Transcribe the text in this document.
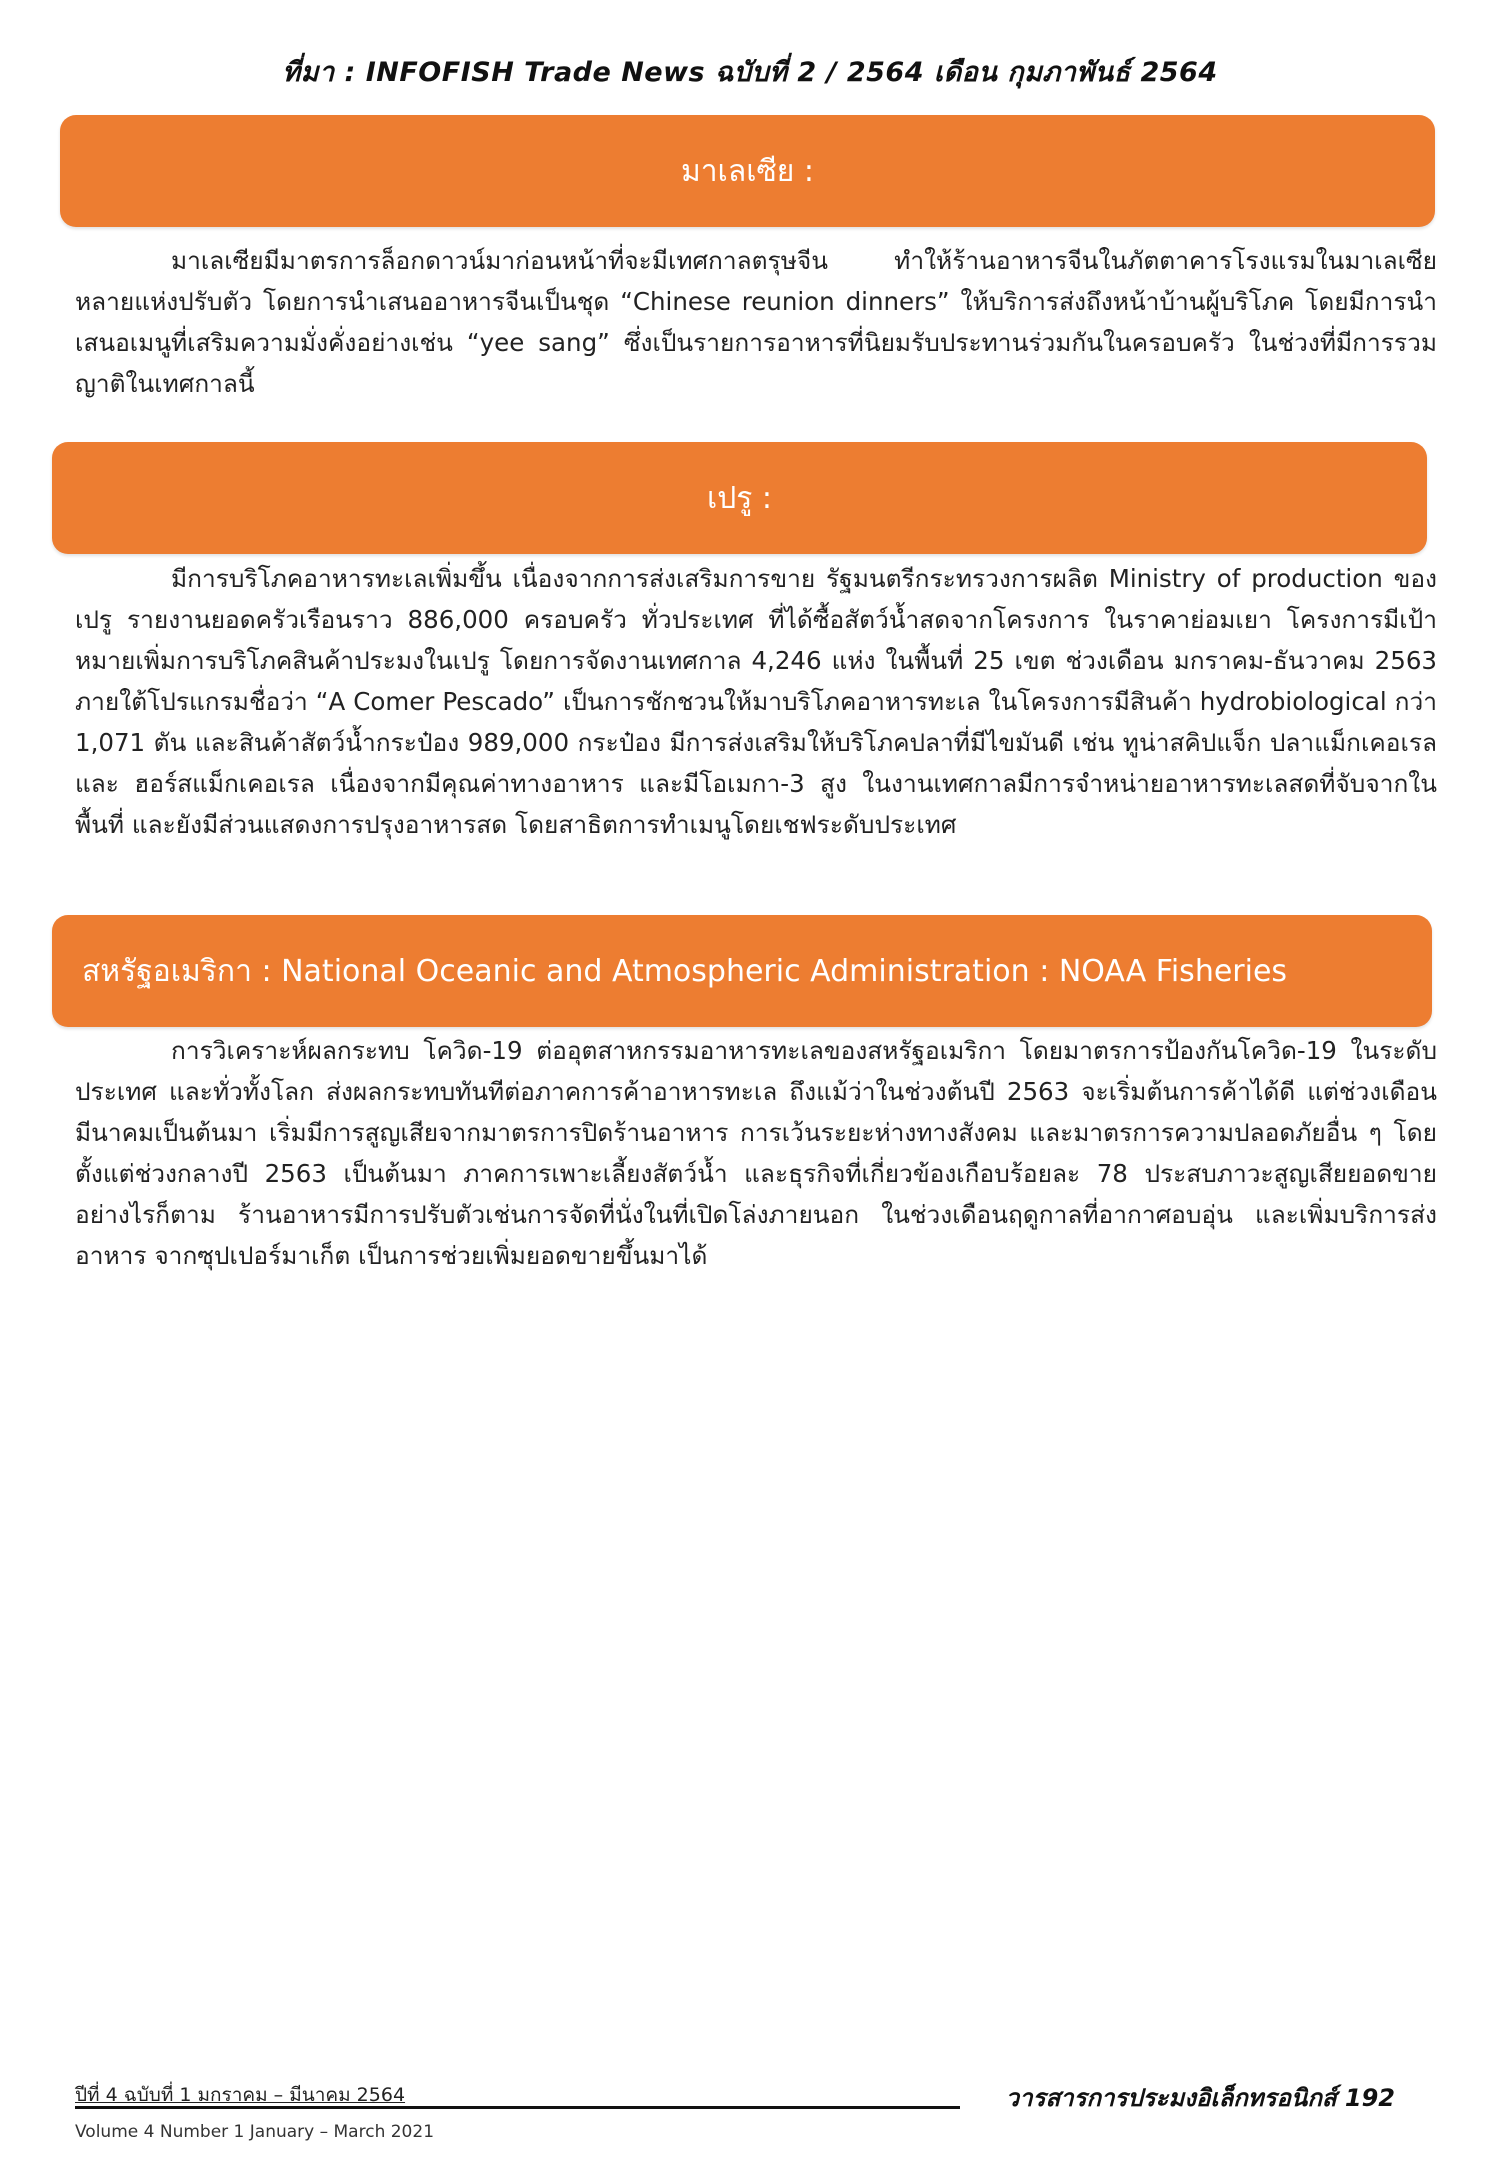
ที่มา : INFOFISH Trade News ฉบับที่ 2 / 2564 เดือน กุมภาพันธ์ 2564
มาเลเซีย :

มาเลเซียมีมาตรการล็อกดาวน์มาก่อนหน้าที่จะมีเทศกาลตรุษจีน ทำให้ร้านอาหารจีนในภัตตาคารโรงแรมในมาเลเซียหลายแห่งปรับตัว โดยการนำเสนออาหารจีนเป็นชุด “Chinese reunion dinners” ให้บริการส่งถึงหน้าบ้านผู้บริโภค โดยมีการนำเสนอเมนูที่เสริมความมั่งคั่งอย่างเช่น “yee sang” ซึ่งเป็นรายการอาหารที่นิยมรับประทานร่วมกันในครอบครัว ในช่วงที่มีการรวมญาติในเทศกาลนี้

เปรู :

มีการบริโภคอาหารทะเลเพิ่มขึ้น เนื่องจากการส่งเสริมการขาย รัฐมนตรีกระทรวงการผลิต Ministry of production ของเปรู รายงานยอดครัวเรือนราว 886,000 ครอบครัว ทั่วประเทศ ที่ได้ซื้อสัตว์น้ำสดจากโครงการ ในราคาย่อมเยา โครงการมีเป้าหมายเพิ่มการบริโภคสินค้าประมงในเปรู โดยการจัดงานเทศกาล 4,246 แห่ง ในพื้นที่ 25 เขต ช่วงเดือน มกราคม-ธันวาคม 2563 ภายใต้โปรแกรมชื่อว่า “A Comer Pescado” เป็นการชักชวนให้มาบริโภคอาหารทะเล ในโครงการมีสินค้า hydrobiological กว่า 1,071 ตัน และสินค้าสัตว์น้ำกระป๋อง 989,000 กระป๋อง มีการส่งเสริมให้บริโภคปลาที่มีไขมันดี เช่น ทูน่าสคิปแจ็ก ปลาแม็กเคอเรลและ ฮอร์สแม็กเคอเรล เนื่องจากมีคุณค่าทางอาหาร และมีโอเมกา-3 สูง ในงานเทศกาลมีการจำหน่ายอาหารทะเลสดที่จับจากในพื้นที่ และยังมีส่วนแสดงการปรุงอาหารสด โดยสาธิตการทำเมนูโดยเชฟระดับประเทศ

สหรัฐอเมริกา : National Oceanic and Atmospheric Administration : NOAA Fisheries

การวิเคราะห์ผลกระทบ โควิด-19 ต่ออุตสาหกรรมอาหารทะเลของสหรัฐอเมริกา โดยมาตรการป้องกันโควิด-19 ในระดับประเทศ และทั่วทั้งโลก ส่งผลกระทบทันทีต่อภาคการค้าอาหารทะเล ถึงแม้ว่าในช่วงต้นปี 2563 จะเริ่มต้นการค้าได้ดี แต่ช่วงเดือนมีนาคมเป็นต้นมา เริ่มมีการสูญเสียจากมาตรการปิดร้านอาหาร การเว้นระยะห่างทางสังคม และมาตรการความปลอดภัยอื่น ๆ โดยตั้งแต่ช่วงกลางปี 2563 เป็นต้นมา ภาคการเพาะเลี้ยงสัตว์น้ำ และธุรกิจที่เกี่ยวข้องเกือบร้อยละ 78 ประสบภาวะสูญเสียยอดขาย อย่างไรก็ตาม ร้านอาหารมีการปรับตัวเช่นการจัดที่นั่งในที่เปิดโล่งภายนอก ในช่วงเดือนฤดูกาลที่อากาศอบอุ่น และเพิ่มบริการส่งอาหาร จากซุปเปอร์มาเก็ต เป็นการช่วยเพิ่มยอดขายขึ้นมาได้

ปีที่ 4 ฉบับที่ 1 มกราคม – มีนาคม 2564
Volume 4 Number 1 January – March 2021
วารสารการประมงอิเล็กทรอนิกส์ 192
